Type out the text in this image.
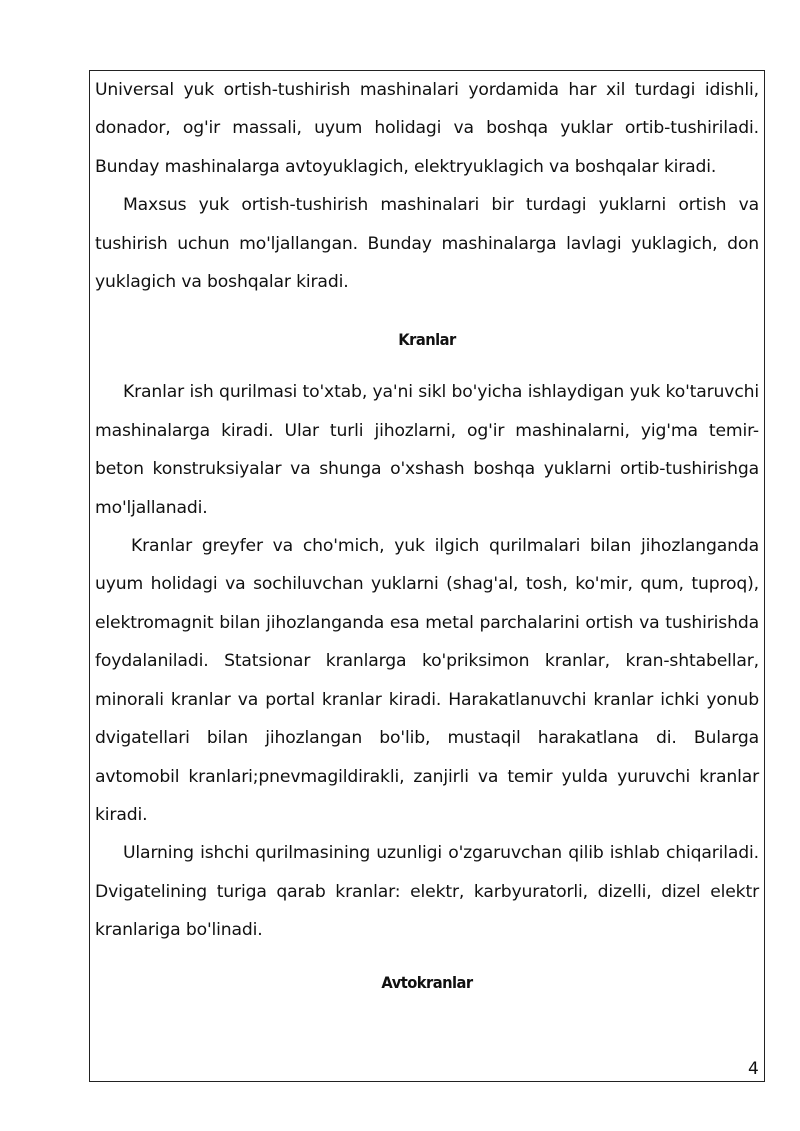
Universal yuk ortish-tushirish mashinalari yordamida har xil turdagi idishli, donador, og'ir massali, uyum holidagi va boshqa yuklar ortib-tushiriladi. Bunday mashinalarga avtoyuklagich, elektryuklagich va boshqalar kiradi.

Maxsus yuk ortish-tushirish mashinalari bir turdagi yuklarni ortish va tushirish uchun mo'ljallangan. Bunday mashinalarga lavlagi yuklagich, don yuklagich va boshqalar kiradi.

Kranlar

Kranlar ish qurilmasi to'xtab, ya'ni sikl bo'yicha ishlaydigan yuk ko'taruvchi mashinalarga kiradi. Ular turli jihozlarni, og'ir mashinalarni, yig'ma temir-beton konstruksiyalar va shunga o'xshash boshqa yuklarni ortib-tushirishga mo'ljallanadi.

Kranlar greyfer va cho'mich, yuk ilgich qurilmalari bilan jihozlanganda uyum holidagi va sochiluvchan yuklarni (shag'al, tosh, ko'mir, qum, tuproq), elektromagnit bilan jihozlanganda esa metal parchalarini ortish va tushirishda foydalaniladi. Statsionar kranlarga ko'priksimon kranlar, kran-shtabellar, minorali kranlar va portal kranlar kiradi. Harakatlanuvchi kranlar ichki yonub dvigatellari bilan jihozlangan bo'lib, mustaqil harakatlana di. Bularga avtomobil kranlari;pnevmagildirakli, zanjirli va temir yulda yuruvchi kranlar kiradi.

Ularning ishchi qurilmasining uzunligi o'zgaruvchan qilib ishlab chiqariladi. Dvigatelining turiga qarab kranlar: elektr, karbyuratorli, dizelli, dizel elektr kranlariga bo'linadi.

Avtokranlar
4
